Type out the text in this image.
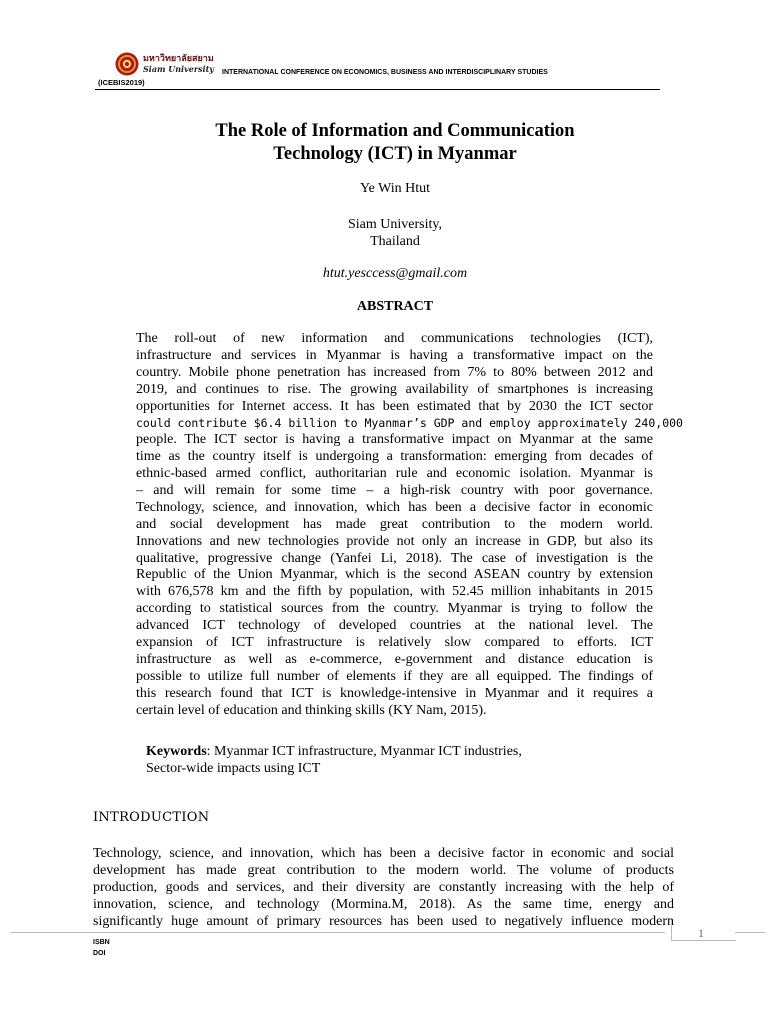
มหาวิทยาลัยสยาม
Siam University INTERNATIONAL CONFERENCE ON ECONOMICS, BUSINESS AND INTERDISCIPLINARY STUDIES
(ICEBIS2019)
The Role of Information and Communication
Technology (ICT) in Myanmar
Ye Win Htut
Siam University,
Thailand
htut.yesccess@gmail.com
ABSTRACT
The roll-out of new information and communications technologies (ICT),
infrastructure and services in Myanmar is having a transformative impact on the
country. Mobile phone penetration has increased from 7% to 80% between 2012 and
2019, and continues to rise. The growing availability of smartphones is increasing
opportunities for Internet access. It has been estimated that by 2030 the ICT sector
could contribute $6.4 billion to Myanmar’s GDP and employ approximately 240,000
people. The ICT sector is having a transformative impact on Myanmar at the same
time as the country itself is undergoing a transformation: emerging from decades of
ethnic-based armed conflict, authoritarian rule and economic isolation. Myanmar is
– and will remain for some time – a high-risk country with poor governance.
Technology, science, and innovation, which has been a decisive factor in economic
and social development has made great contribution to the modern world.
Innovations and new technologies provide not only an increase in GDP, but also its
qualitative, progressive change (Yanfei Li, 2018). The case of investigation is the
Republic of the Union Myanmar, which is the second ASEAN country by extension
with 676,578 km and the fifth by population, with 52.45 million inhabitants in 2015
according to statistical sources from the country. Myanmar is trying to follow the
advanced ICT technology of developed countries at the national level. The
expansion of ICT infrastructure is relatively slow compared to efforts. ICT
infrastructure as well as e-commerce, e-government and distance education is
possible to utilize full number of elements if they are all equipped. The findings of
this research found that ICT is knowledge-intensive in Myanmar and it requires a
certain level of education and thinking skills (KY Nam, 2015).
Keywords: Myanmar ICT infrastructure, Myanmar ICT industries,
Sector-wide impacts using ICT
INTRODUCTION
Technology, science, and innovation, which has been a decisive factor in economic and social
development has made great contribution to the modern world. The volume of products
production, goods and services, and their diversity are constantly increasing with the help of
innovation, science, and technology (Mormina.M, 2018). As the same time, energy and
significantly huge amount of primary resources has been used to negatively influence modern
1
ISBN
DOI
